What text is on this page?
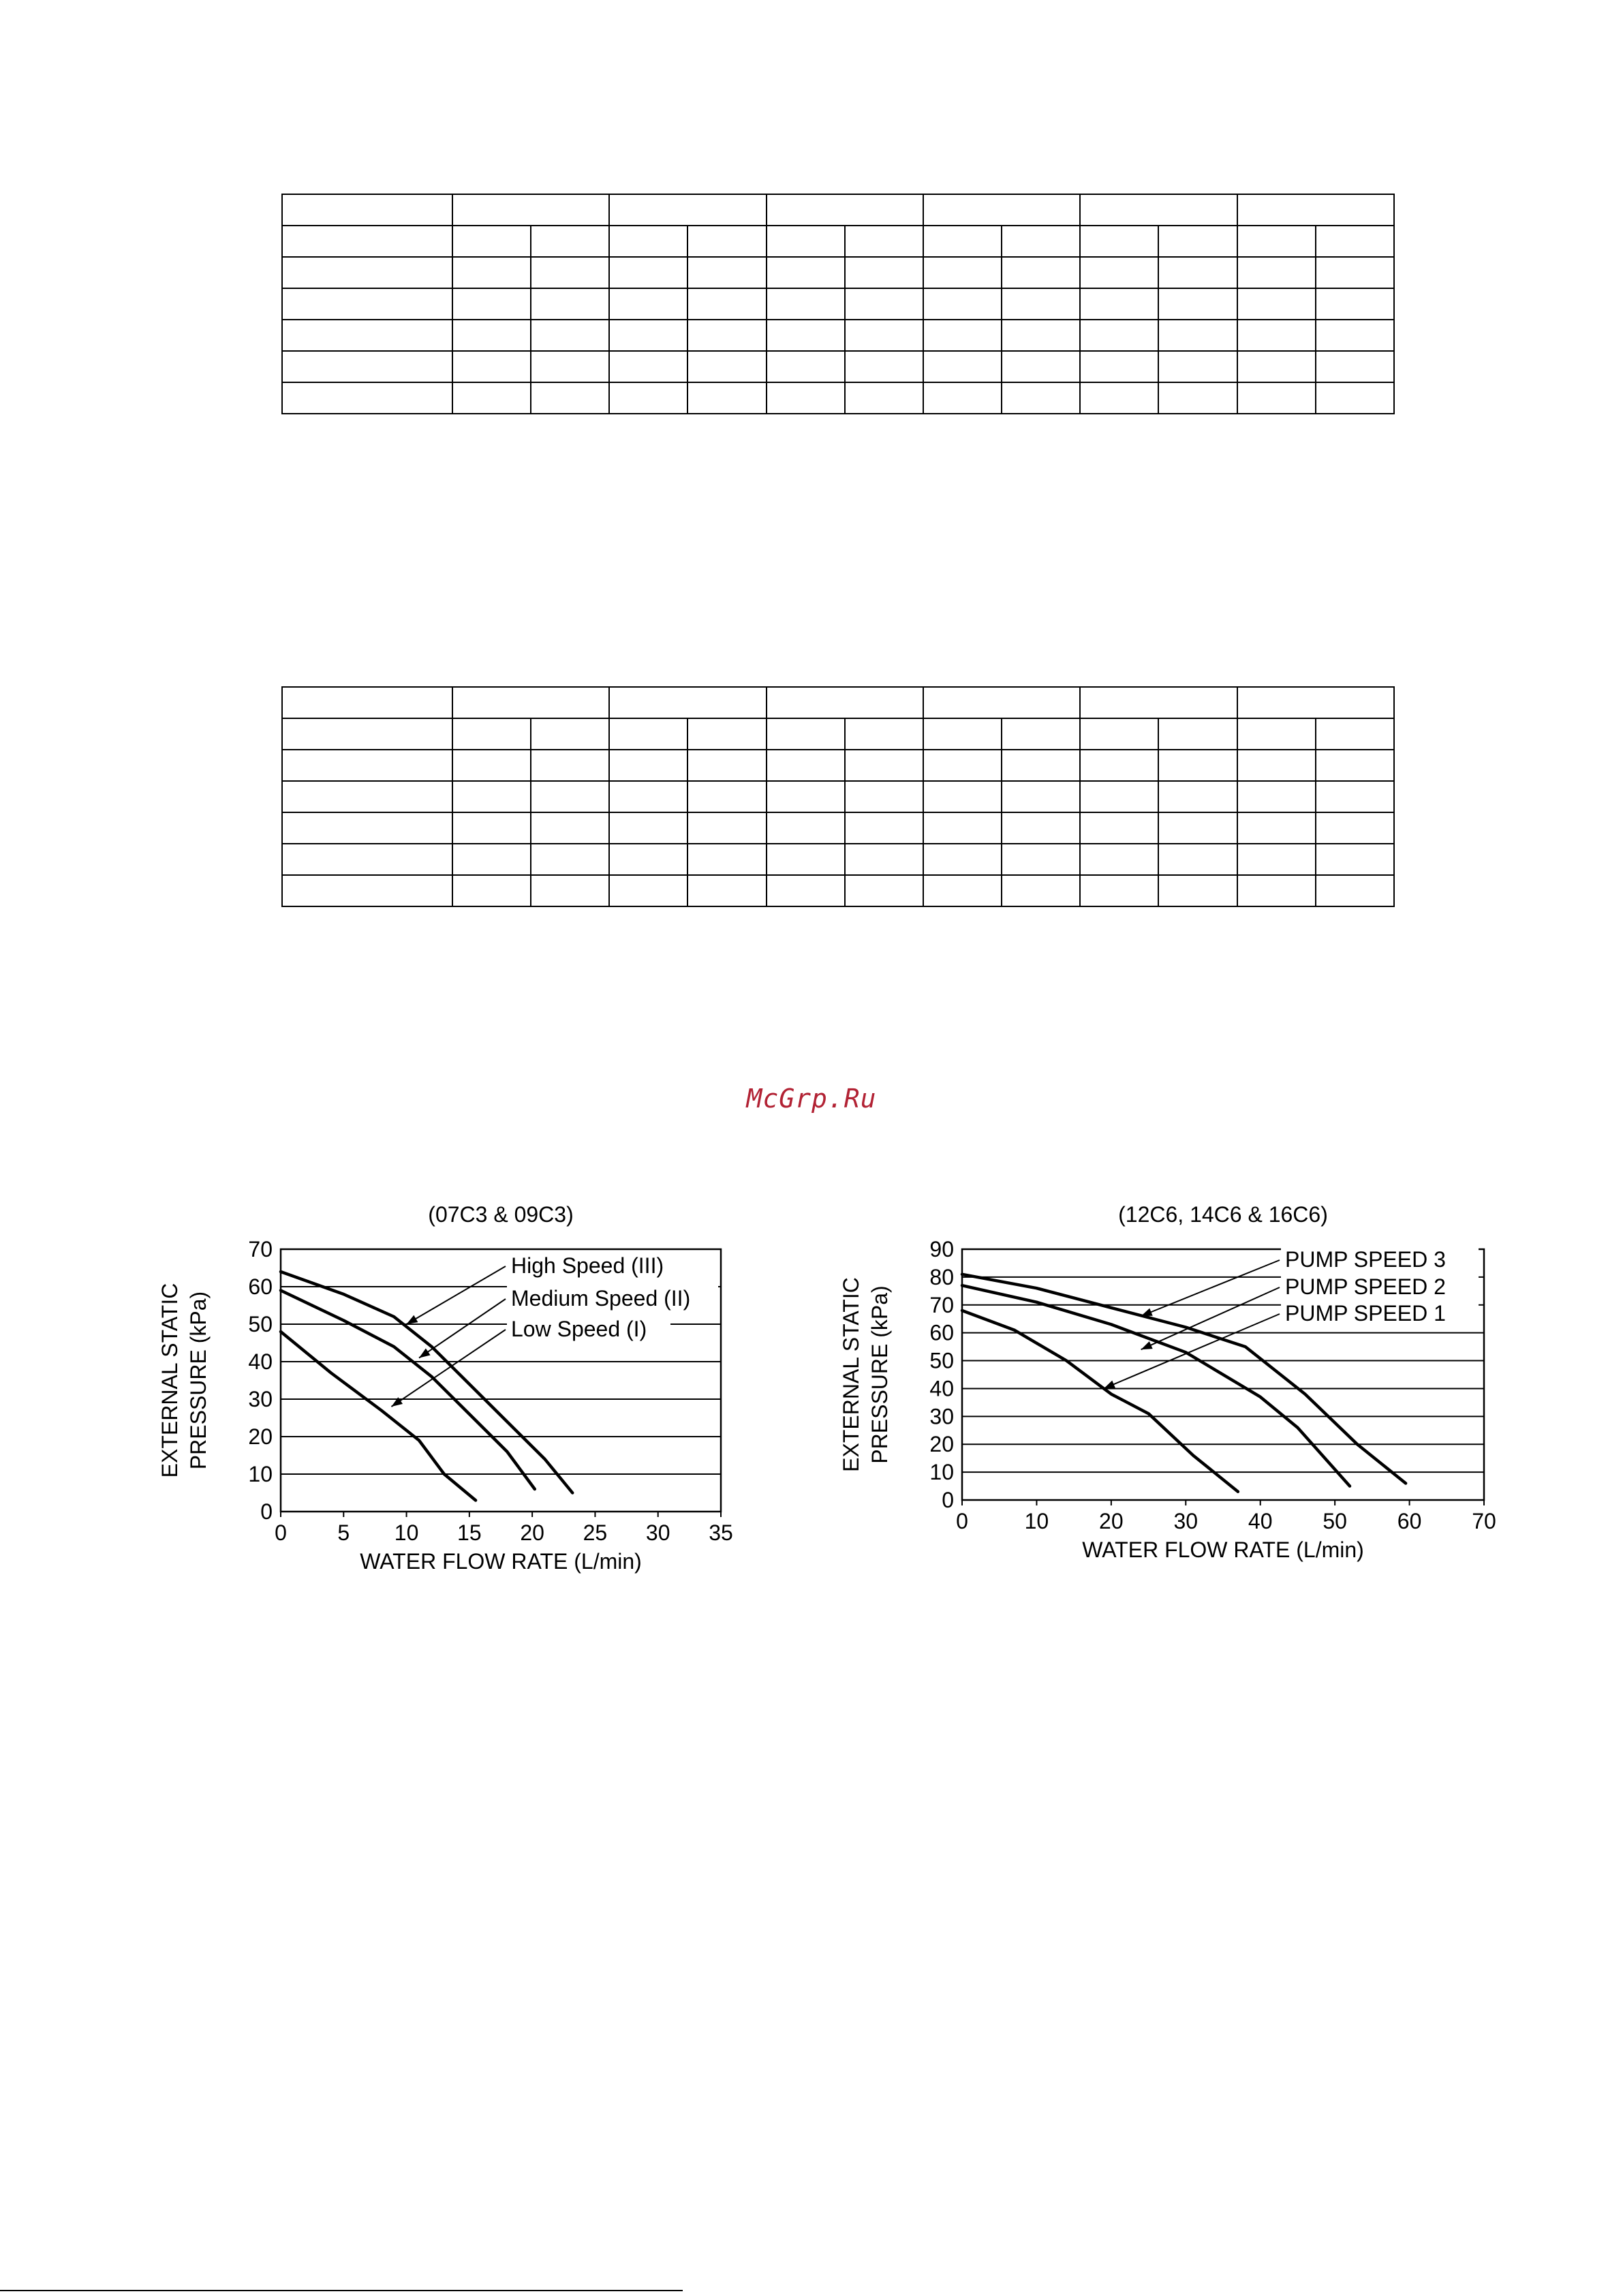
McGrp.Ru
(07C3 & 09C3)
0
10
20
30
40
50
60
70
0 5 10 15 20 25 30 35
WATER FLOW RATE (L/min)
EXTERNAL STATIC PRESSURE (kPa)
High Speed (III)
Medium Speed (II)
Low Speed (I)
(12C6, 14C6 & 16C6)
0
10
20
30
40
50
60
70
80
90
0	10 20 30 40 50 60 70
WATER FLOW RATE (L/min)
EXTERNAL STATIC PRESSURE (kPa)
PUMP SPEED 3
PUMP SPEED 2
PUMP SPEED 1
